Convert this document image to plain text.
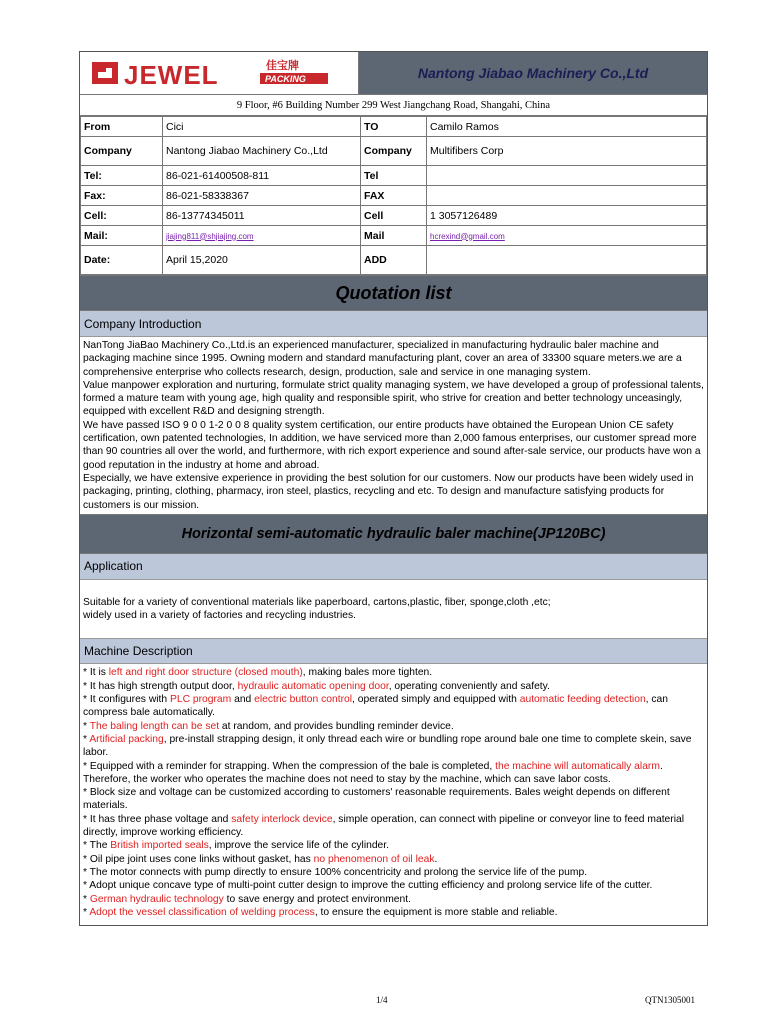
JEWEL	佳宝牌
PACKING	Nantong Jiabao Machinery Co.,Ltd
9 Floor, #6 Building Number 299 West Jiangchang Road, Shangahi, China
From	Cici	TO	Camilo Ramos
Company	Nantong Jiabao Machinery Co.,Ltd	Company	Multifibers Corp
Tel:	86-021-61400508-811	Tel	
Fax:	86-021-58338367	FAX	
Cell:	86-13774345011	Cell	1 3057126489
Mail:	jiajing811@shjiajing.com	Mail	hcrexind@gmail.com
Date:	April 15,2020	ADD	
Quotation list
Company Introduction

NanTong JiaBao Machinery Co.,Ltd.is an experienced manufacturer, specialized in manufacturing hydraulic baler machine and packaging machine since 1995. Owning modern and standard manufacturing plant, cover an area of 33300 square meters.we are a comprehensive enterprise who collects research, design, production, sale and service in one managing system.

Value manpower exploration and nurturing, formulate strict quality managing system, we have developed a group of professional talents, formed a mature team with young age, high quality and responsible spirit, who strive for creation and better technology unceasingly, equipped with excellent R&D and designing strength.

We have passed ISO 9 0 0 1-2 0 0 8 quality system certification, our entire products have obtained the European Union CE safety certification, own patented technologies, In addition, we have serviced more than 2,000 famous enterprises, our customer spread more than 90 countries all over the world, and furthermore, with rich export experience and sound after-sale service, our products have won a good reputation in the industry at home and abroad.

Especially, we have extensive experience in providing the best solution for our customers. Now our products have been widely used in packaging, printing, clothing, pharmacy, iron steel, plastics, recycling and etc. To design and manufacture satisfying products for customers is our mission.

Horizontal semi-automatic hydraulic baler machine(JP120BC)
Application

Suitable for a variety of conventional materials like paperboard, cartons,plastic, fiber, sponge,cloth ,etc;

widely used in a variety of factories and recycling industries.

Machine Description

* It is left and right door structure (closed mouth), making bales more tighten.

* It has high strength output door, hydraulic automatic opening door, operating conveniently and safety.

* It configures with PLC program and electric button control, operated simply and equipped with automatic feeding detection, can compress bale automatically.

* The baling length can be set at random, and provides bundling reminder device.

* Artificial packing, pre-install strapping design, it only thread each wire or bundling rope around bale one time to complete skein, save labor.

* Equipped with a reminder for strapping. When the compression of the bale is completed, the machine will automatically alarm. Therefore, the worker who operates the machine does not need to stay by the machine, which can save labor costs.

* Block size and voltage can be customized according to customers' reasonable requirements. Bales weight depends on different materials.

* It has three phase voltage and safety interlock device, simple operation, can connect with pipeline or conveyor line to feed material directly, improve working efficiency.

* The British imported seals, improve the service life of the cylinder.

* Oil pipe joint uses cone links without gasket, has no phenomenon of oil leak.

* The motor connects with pump directly to ensure 100% concentricity and prolong the service life of the pump.

* Adopt unique concave type of multi-point cutter design to improve the cutting efficiency and prolong service life of the cutter.

* German hydraulic technology to save energy and protect environment.

* Adopt the vessel classification of welding process, to ensure the equipment is more stable and reliable.

1/4	QTN1305001
